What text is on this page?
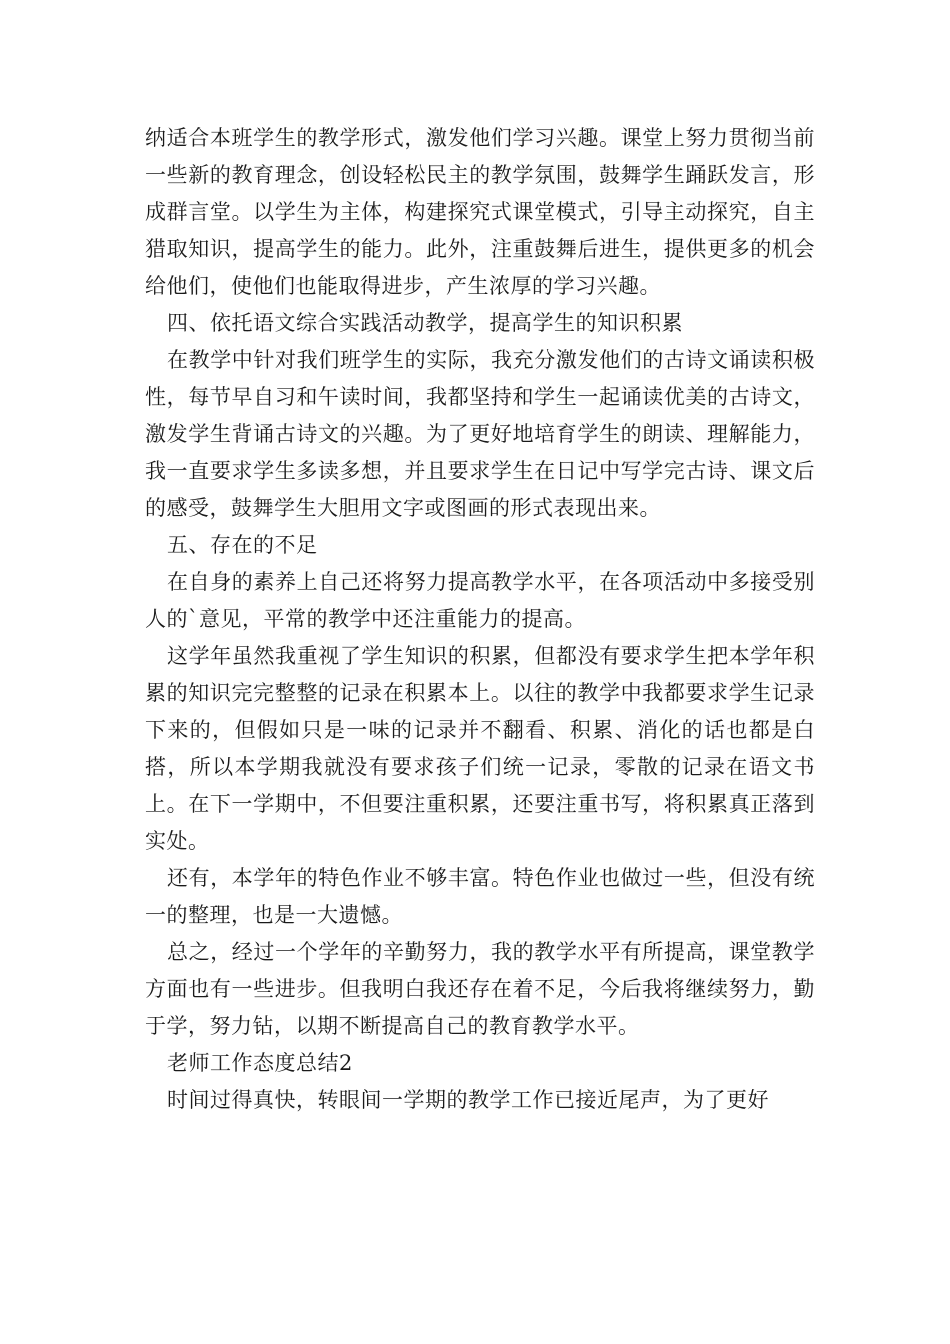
纳适合本班学生的教学形式，激发他们学习兴趣。课堂上努力贯彻当前一些新的教育理念，创设轻松民主的教学氛围，鼓舞学生踊跃发言，形成群言堂。以学生为主体，构建探究式课堂模式，引导主动探究，自主猎取知识，提高学生的能力。此外，注重鼓舞后进生，提供更多的机会给他们，使他们也能取得进步，产生浓厚的学习兴趣。

四、依托语文综合实践活动教学，提高学生的知识积累

在教学中针对我们班学生的实际，我充分激发他们的古诗文诵读积极性，每节早自习和午读时间，我都坚持和学生一起诵读优美的古诗文，激发学生背诵古诗文的兴趣。为了更好地培育学生的朗读、理解能力，我一直要求学生多读多想，并且要求学生在日记中写学完古诗、课文后的感受，鼓舞学生大胆用文字或图画的形式表现出来。

五、存在的不足

在自身的素养上自己还将努力提高教学水平，在各项活动中多接受别人的`意见，平常的教学中还注重能力的提高。

这学年虽然我重视了学生知识的积累，但都没有要求学生把本学年积累的知识完完整整的记录在积累本上。以往的教学中我都要求学生记录下来的，但假如只是一味的记录并不翻看、积累、消化的话也都是白搭，所以本学期我就没有要求孩子们统一记录，零散的记录在语文书上。在下一学期中，不但要注重积累，还要注重书写，将积累真正落到实处。

还有，本学年的特色作业不够丰富。特色作业也做过一些，但没有统一的整理，也是一大遗憾。

总之，经过一个学年的辛勤努力，我的教学水平有所提高，课堂教学方面也有一些进步。但我明白我还存在着不足，今后我将继续努力，勤于学，努力钻，以期不断提高自己的教育教学水平。

老师工作态度总结2

时间过得真快，转眼间一学期的教学工作已接近尾声，为了更好
